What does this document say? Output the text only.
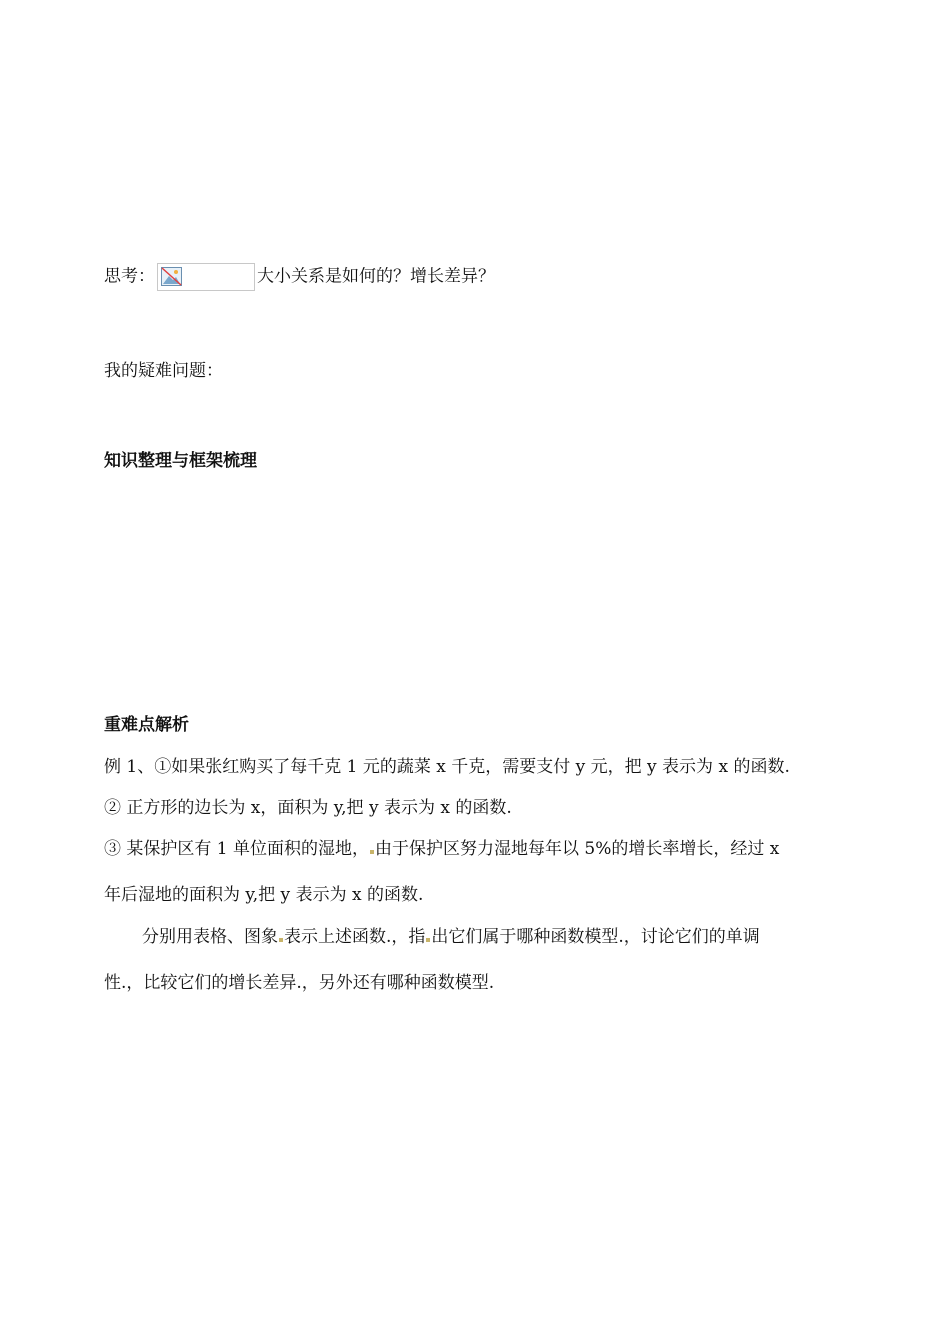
思考：	大小关系是如何的？增长差异？
我的疑难问题：
知识整理与框架梳理
重难点解析
例 1、①如果张红购买了每千克 1 元的蔬菜 x 千克，需要支付 y 元，把 y 表示为 x 的函数.
② 正方形的边长为 x，面积为 y,把 y 表示为 x 的函数.
③ 某保护区有 1 单位面积的湿地， 由于保护区努力湿地每年以 5%的增长率增长，经过 x
年后湿地的面积为 y,把 y 表示为 x 的函数.
分别用表格、图象 表示上述函数.，指 出它们属于哪种函数模型.，讨论它们的单调
性.，比较它们的增长差异.，另外还有哪种函数模型.
